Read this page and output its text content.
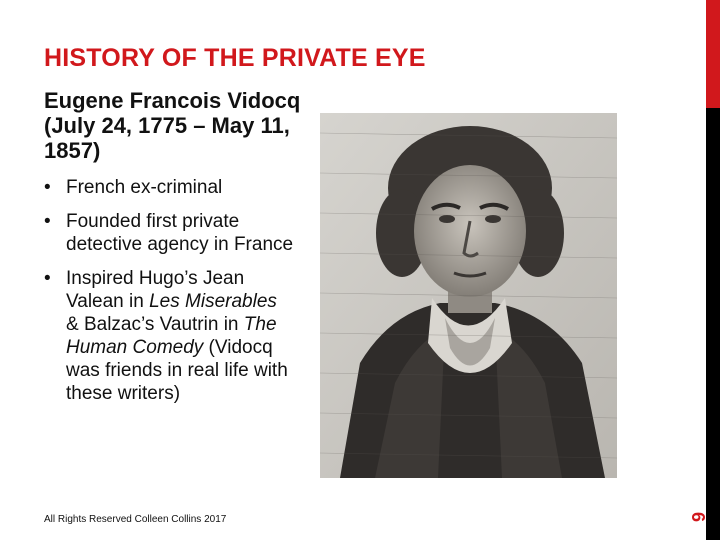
HISTORY OF THE PRIVATE EYE
Eugene Francois Vidocq (July 24, 1775 – May 11, 1857)
• French ex-criminal
• Founded first private detective agency in France
• Inspired Hugo’s Jean Valean in Les Miserables & Balzac’s Vautrin in The Human Comedy (Vidocq was friends in real life with these writers)
6
All Rights Reserved Colleen Collins 2017
